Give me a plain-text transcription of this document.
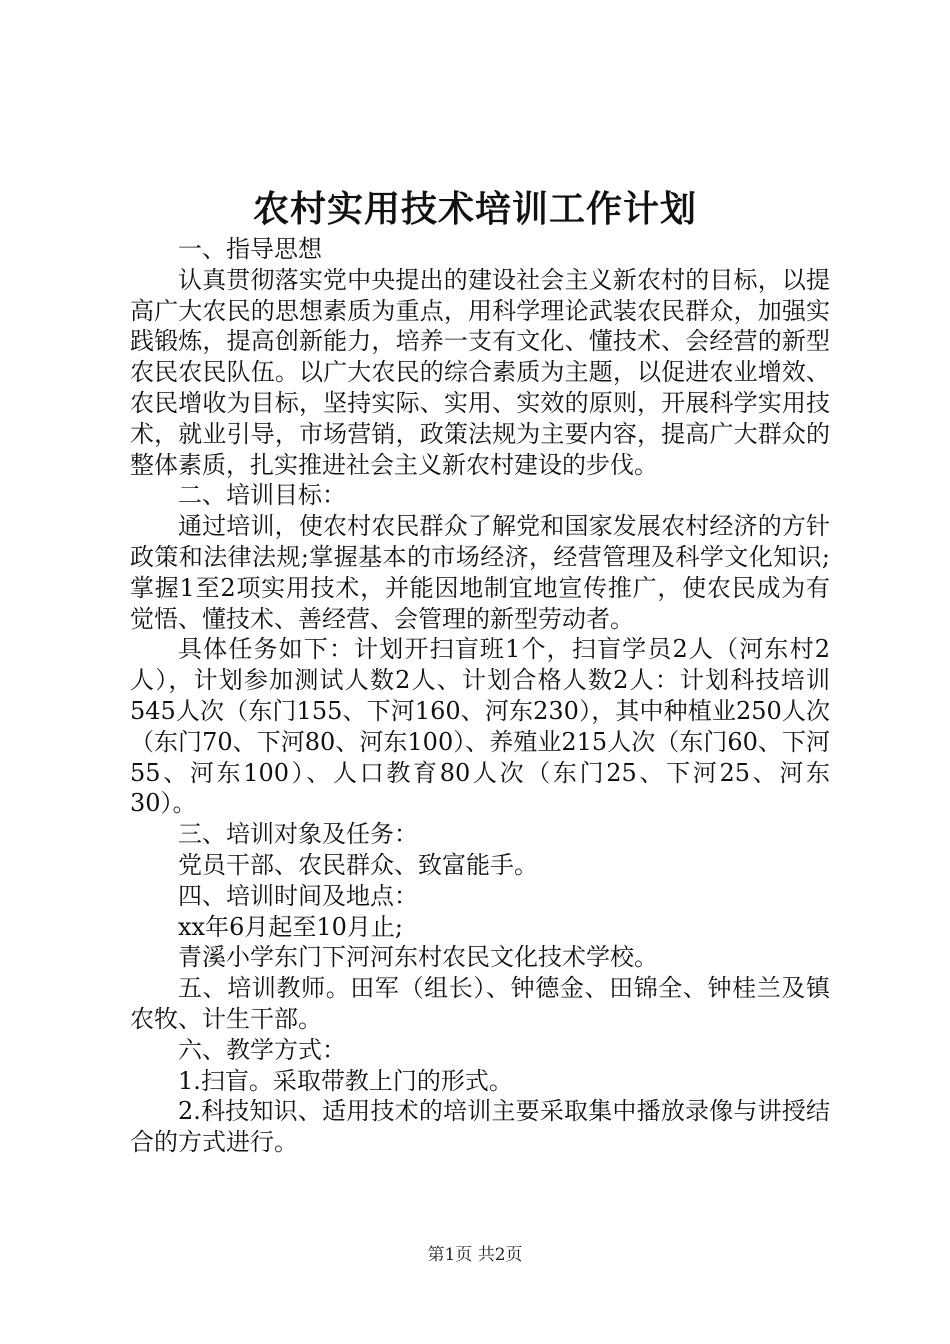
农村实用技术培训工作计划

一、指导思想

认真贯彻落实党中央提出的建设社会主义新农村的目标，以提高广大农民的思想素质为重点，用科学理论武装农民群众，加强实践锻炼，提高创新能力，培养一支有文化、懂技术、会经营的新型农民农民队伍。以广大农民的综合素质为主题，以促进农业增效、农民增收为目标，坚持实际、实用、实效的原则，开展科学实用技术，就业引导，市场营销，政策法规为主要内容，提高广大群众的整体素质，扎实推进社会主义新农村建设的步伐。

二、培训目标：

通过培训，使农村农民群众了解党和国家发展农村经济的方针政策和法律法规;掌握基本的市场经济，经营管理及科学文化知识;掌握1至2项实用技术，并能因地制宜地宣传推广，使农民成为有觉悟、懂技术、善经营、会管理的新型劳动者。

具体任务如下：计划开扫盲班1个，扫盲学员2人（河东村2人），计划参加测试人数2人、计划合格人数2人：计划科技培训545人次（东门155、下河160、河东230），其中种植业250人次（东门70、下河80、河东100）、养殖业215人次（东门60、下河55、河东100）、人口教育80人次（东门25、下河25、河东30）。

三、培训对象及任务：

党员干部、农民群众、致富能手。

四、培训时间及地点：

xx年6月起至10月止;

青溪小学东门下河河东村农民文化技术学校。

五、培训教师。田军（组长）、钟德金、田锦全、钟桂兰及镇农牧、计生干部。

六、教学方式：

1.扫盲。采取带教上门的形式。

2.科技知识、适用技术的培训主要采取集中播放录像与讲授结合的方式进行。

第1页 共2页
